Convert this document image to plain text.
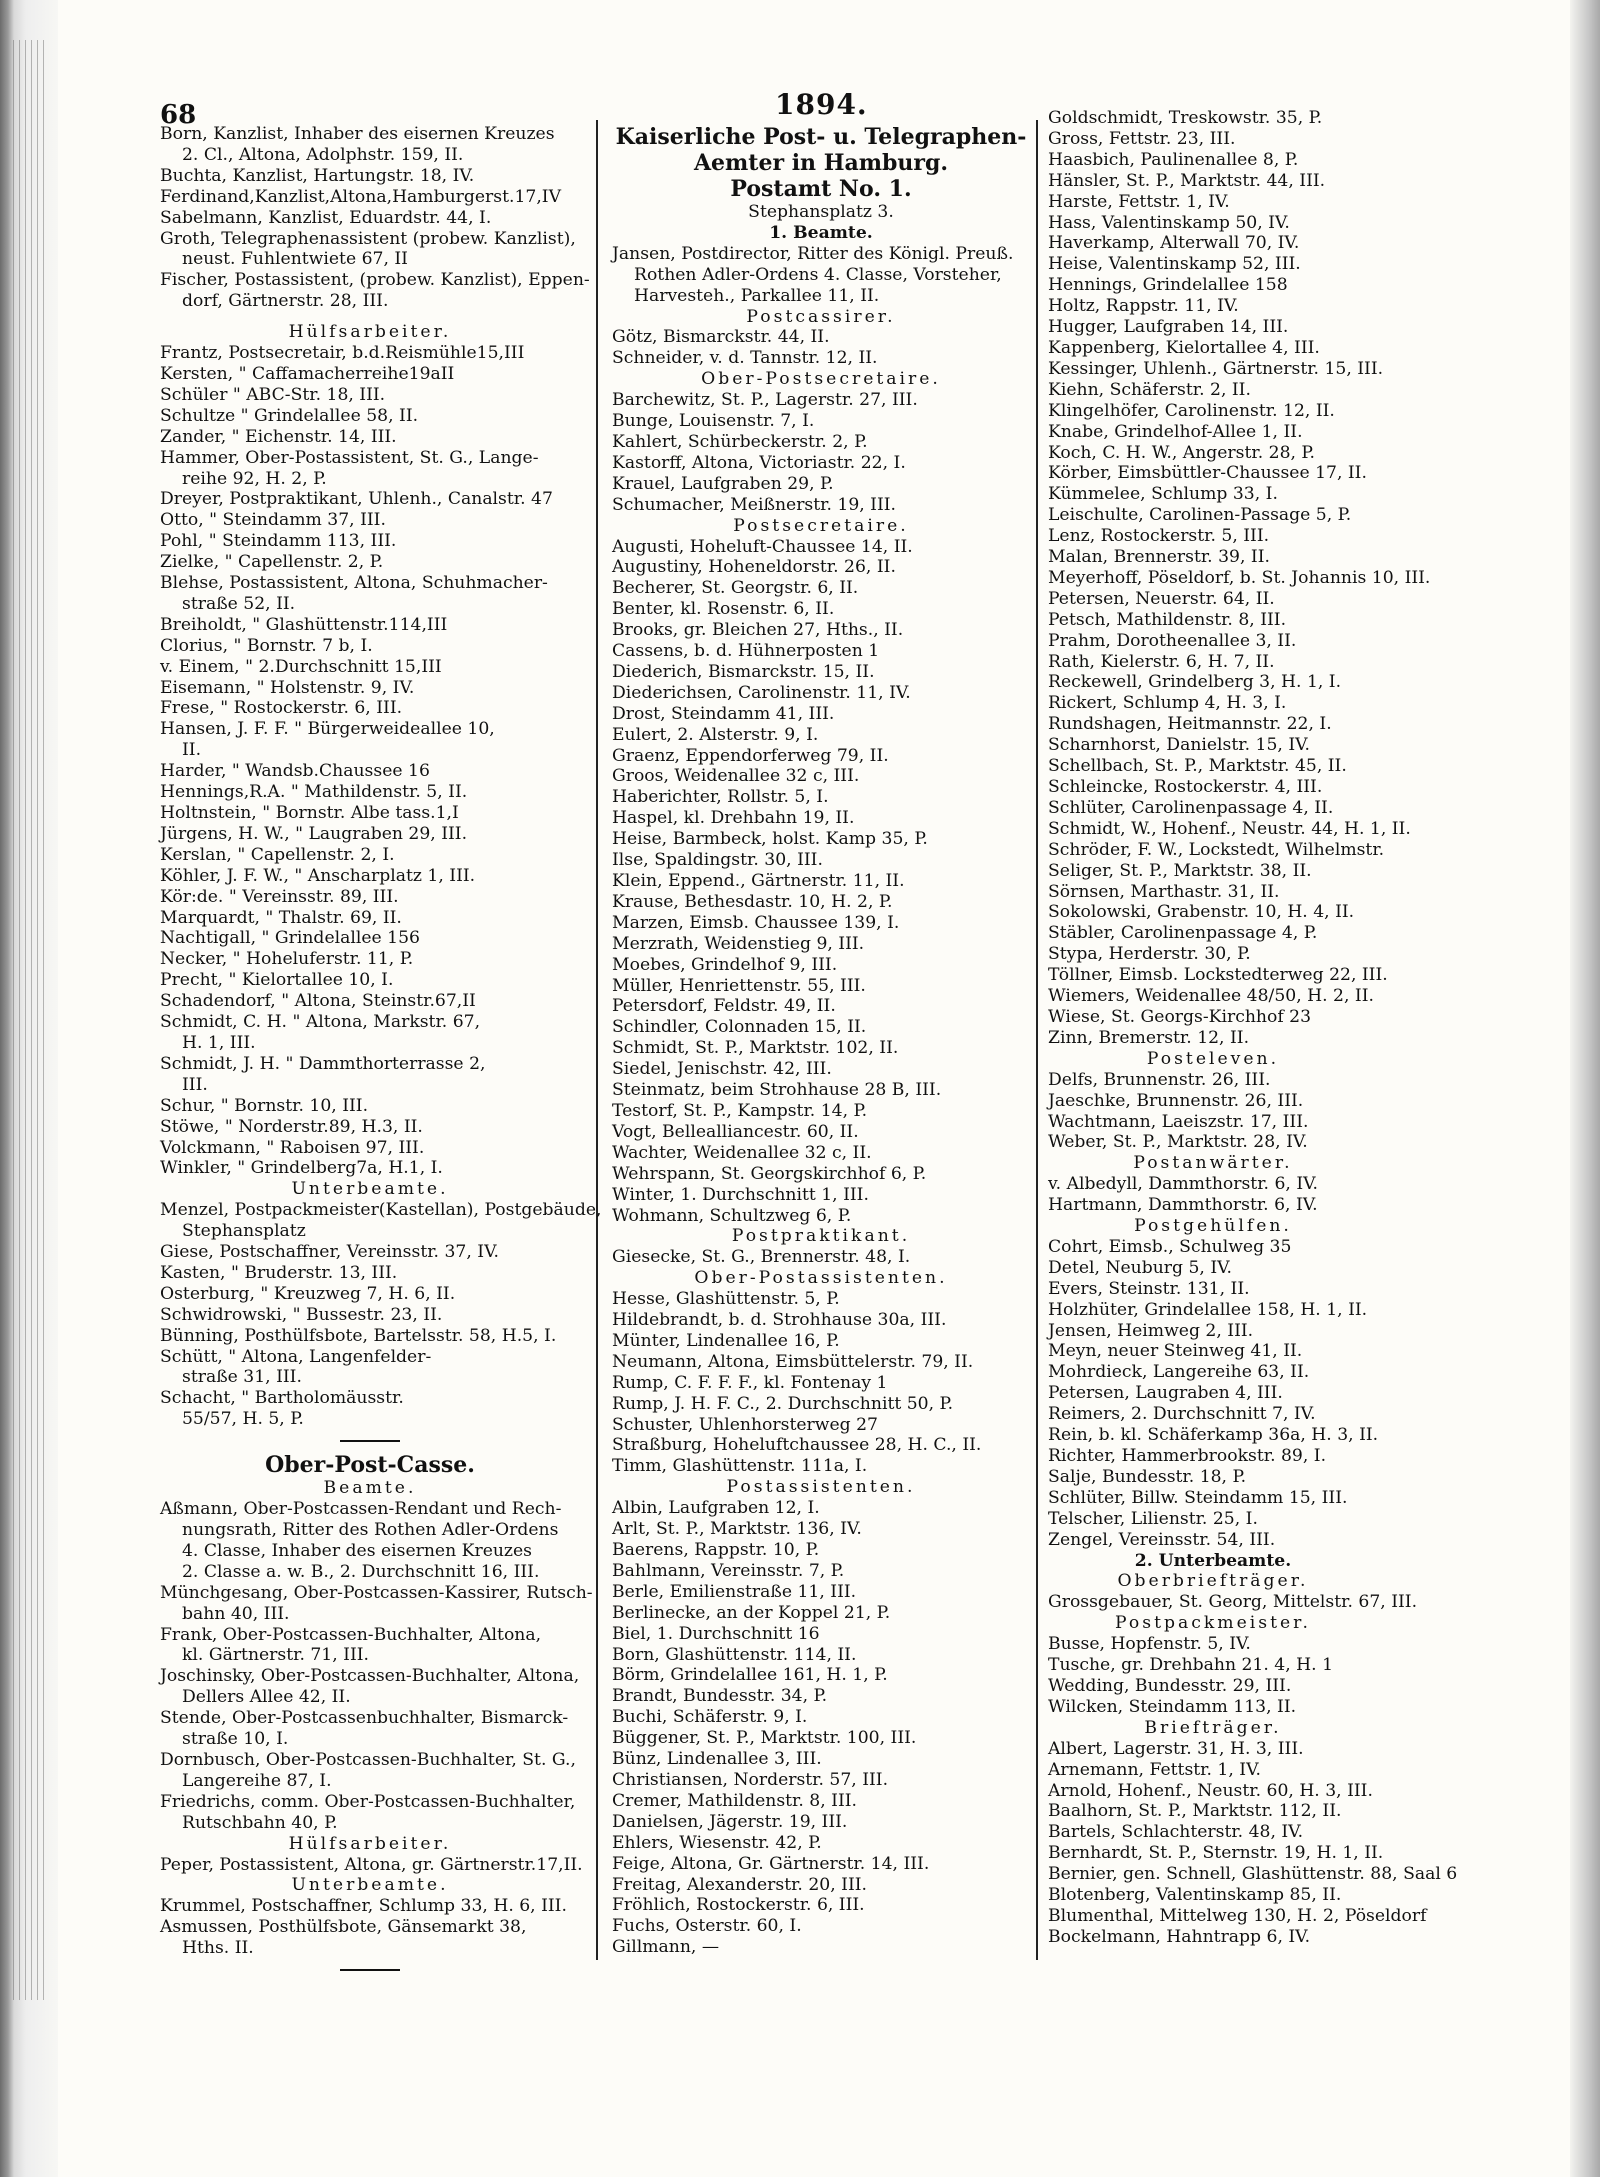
68	1894.
Born, Kanzlist, Inhaber des eisernen Kreuzes
2. Cl., Altona, Adolphstr. 159, II.
Buchta, Kanzlist, Hartungstr. 18, IV.
Ferdinand,Kanzlist,Altona,Hamburgerst.17,IV
Sabelmann, Kanzlist, Eduardstr. 44, I.
Groth, Telegraphenassistent (probew. Kanzlist),
neust. Fuhlentwiete 67, II
Fischer, Postassistent, (probew. Kanzlist), Eppen-
dorf, Gärtnerstr. 28, III.
Hülfsarbeiter.
Frantz, Postsecretair, b.d.Reismühle15,III
Kersten, " Caffamacherreihe19aII
Schüler " ABC-Str. 18, III.
Schultze " Grindelallee 58, II.
Zander, " Eichenstr. 14, III.
Hammer, Ober-Postassistent, St. G., Lange-
reihe 92, H. 2, P.
Dreyer, Postpraktikant, Uhlenh., Canalstr. 47
Otto, " Steindamm 37, III.
Pohl, " Steindamm 113, III.
Zielke, " Capellenstr. 2, P.
Blehse, Postassistent, Altona, Schuhmacher-
straße 52, II.
Breiholdt, " Glashüttenstr.114,III
Clorius, " Bornstr. 7 b, I.
v. Einem, " 2.Durchschnitt 15,III
Eisemann, " Holstenstr. 9, IV.
Frese, " Rostockerstr. 6, III.
Hansen, J. F. F. " Bürgerweideallee 10,
II.
Harder, " Wandsb.Chaussee 16
Hennings,R.A. " Mathildenstr. 5, II.
Holtnstein, " Bornstr. Albe tass.1,I
Jürgens, H. W., " Laugraben 29, III.
Kerslan, " Capellenstr. 2, I.
Köhler, J. F. W., " Anscharplatz 1, III.
Kör:de. " Vereinsstr. 89, III.
Marquardt, " Thalstr. 69, II.
Nachtigall, " Grindelallee 156
Necker, " Hoheluferstr. 11, P.
Precht, " Kielortallee 10, I.
Schadendorf, " Altona, Steinstr.67,II
Schmidt, C. H. " Altona, Markstr. 67,
H. 1, III.
Schmidt, J. H. " Dammthorterrasse 2,
III.
Schur, " Bornstr. 10, III.
Stöwe, " Norderstr.89, H.3, II.
Volckmann, " Raboisen 97, III.
Winkler, " Grindelberg7a, H.1, I.
Unterbeamte.
Menzel, Postpackmeister(Kastellan), Postgebäude,
Stephansplatz
Giese, Postschaffner, Vereinsstr. 37, IV.
Kasten, " Bruderstr. 13, III.
Osterburg, " Kreuzweg 7, H. 6, II.
Schwidrowski, " Bussestr. 23, II.
Bünning, Posthülfsbote, Bartelsstr. 58, H.5, I.
Schütt, " Altona, Langenfelder-
straße 31, III.
Schacht, " Bartholomäusstr.
55/57, H. 5, P.
Ober-Post-Casse.
Beamte.
Aßmann, Ober-Postcassen-Rendant und Rech-
nungsrath, Ritter des Rothen Adler-Ordens
4. Classe, Inhaber des eisernen Kreuzes
2. Classe a. w. B., 2. Durchschnitt 16, III.
Münchgesang, Ober-Postcassen-Kassirer, Rutsch-
bahn 40, III.
Frank, Ober-Postcassen-Buchhalter, Altona,
kl. Gärtnerstr. 71, III.
Joschinsky, Ober-Postcassen-Buchhalter, Altona,
Dellers Allee 42, II.
Stende, Ober-Postcassenbuchhalter, Bismarck-
straße 10, I.
Dornbusch, Ober-Postcassen-Buchhalter, St. G.,
Langereihe 87, I.
Friedrichs, comm. Ober-Postcassen-Buchhalter,
Rutschbahn 40, P.
Hülfsarbeiter.
Peper, Postassistent, Altona, gr. Gärtnerstr.17,II.
Unterbeamte.
Krummel, Postschaffner, Schlump 33, H. 6, III.
Asmussen, Posthülfsbote, Gänsemarkt 38,
Hths. II.
Kaiserliche Post- u. Telegraphen-
Aemter in Hamburg.
Postamt No. 1.
Stephansplatz 3.
1. Beamte.
Jansen, Postdirector, Ritter des Königl. Preuß.
Rothen Adler-Ordens 4. Classe, Vorsteher,
Harvesteh., Parkallee 11, II.
Postcassirer.
Götz, Bismarckstr. 44, II.
Schneider, v. d. Tannstr. 12, II.
Ober-Postsecretaire.
Barchewitz, St. P., Lagerstr. 27, III.
Bunge, Louisenstr. 7, I.
Kahlert, Schürbeckerstr. 2, P.
Kastorff, Altona, Victoriastr. 22, I.
Krauel, Laufgraben 29, P.
Schumacher, Meißnerstr. 19, III.
Postsecretaire.
Augusti, Hoheluft-Chaussee 14, II.
Augustiny, Hoheneldorstr. 26, II.
Becherer, St. Georgstr. 6, II.
Benter, kl. Rosenstr. 6, II.
Brooks, gr. Bleichen 27, Hths., II.
Cassens, b. d. Hühnerposten 1
Diederich, Bismarckstr. 15, II.
Diederichsen, Carolinenstr. 11, IV.
Drost, Steindamm 41, III.
Eulert, 2. Alsterstr. 9, I.
Graenz, Eppendorferweg 79, II.
Groos, Weidenallee 32 c, III.
Haberichter, Rollstr. 5, I.
Haspel, kl. Drehbahn 19, II.
Heise, Barmbeck, holst. Kamp 35, P.
Ilse, Spaldingstr. 30, III.
Klein, Eppend., Gärtnerstr. 11, II.
Krause, Bethesdastr. 10, H. 2, P.
Marzen, Eimsb. Chaussee 139, I.
Merzrath, Weidenstieg 9, III.
Moebes, Grindelhof 9, III.
Müller, Henriettenstr. 55, III.
Petersdorf, Feldstr. 49, II.
Schindler, Colonnaden 15, II.
Schmidt, St. P., Marktstr. 102, II.
Siedel, Jenischstr. 42, III.
Steinmatz, beim Strohhause 28 B, III.
Testorf, St. P., Kampstr. 14, P.
Vogt, Bellealliancestr. 60, II.
Wachter, Weidenallee 32 c, II.
Wehrspann, St. Georgskirchhof 6, P.
Winter, 1. Durchschnitt 1, III.
Wohmann, Schultzweg 6, P.
Postpraktikant.
Giesecke, St. G., Brennerstr. 48, I.
Ober-Postassistenten.
Hesse, Glashüttenstr. 5, P.
Hildebrandt, b. d. Strohhause 30a, III.
Münter, Lindenallee 16, P.
Neumann, Altona, Eimsbüttelerstr. 79, II.
Rump, C. F. F. F., kl. Fontenay 1
Rump, J. H. F. C., 2. Durchschnitt 50, P.
Schuster, Uhlenhorsterweg 27
Straßburg, Hoheluftchaussee 28, H. C., II.
Timm, Glashüttenstr. 111a, I.
Postassistenten.
Albin, Laufgraben 12, I.
Arlt, St. P., Marktstr. 136, IV.
Baerens, Rappstr. 10, P.
Bahlmann, Vereinsstr. 7, P.
Berle, Emilienstraße 11, III.
Berlinecke, an der Koppel 21, P.
Biel, 1. Durchschnitt 16
Born, Glashüttenstr. 114, II.
Börm, Grindelallee 161, H. 1, P.
Brandt, Bundesstr. 34, P.
Buchi, Schäferstr. 9, I.
Büggener, St. P., Marktstr. 100, III.
Bünz, Lindenallee 3, III.
Christiansen, Norderstr. 57, III.
Cremer, Mathildenstr. 8, III.
Danielsen, Jägerstr. 19, III.
Ehlers, Wiesenstr. 42, P.
Feige, Altona, Gr. Gärtnerstr. 14, III.
Freitag, Alexanderstr. 20, III.
Fröhlich, Rostockerstr. 6, III.
Fuchs, Osterstr. 60, I.
Gillmann, —
Goldschmidt, Treskowstr. 35, P.
Gross, Fettstr. 23, III.
Haasbich, Paulinenallee 8, P.
Hänsler, St. P., Marktstr. 44, III.
Harste, Fettstr. 1, IV.
Hass, Valentinskamp 50, IV.
Haverkamp, Alterwall 70, IV.
Heise, Valentinskamp 52, III.
Hennings, Grindelallee 158
Holtz, Rappstr. 11, IV.
Hugger, Laufgraben 14, III.
Kappenberg, Kielortallee 4, III.
Kessinger, Uhlenh., Gärtnerstr. 15, III.
Kiehn, Schäferstr. 2, II.
Klingelhöfer, Carolinenstr. 12, II.
Knabe, Grindelhof-Allee 1, II.
Koch, C. H. W., Angerstr. 28, P.
Körber, Eimsbüttler-Chaussee 17, II.
Kümmelee, Schlump 33, I.
Leischulte, Carolinen-Passage 5, P.
Lenz, Rostockerstr. 5, III.
Malan, Brennerstr. 39, II.
Meyerhoff, Pöseldorf, b. St. Johannis 10, III.
Petersen, Neuerstr. 64, II.
Petsch, Mathildenstr. 8, III.
Prahm, Dorotheenallee 3, II.
Rath, Kielerstr. 6, H. 7, II.
Reckewell, Grindelberg 3, H. 1, I.
Rickert, Schlump 4, H. 3, I.
Rundshagen, Heitmannstr. 22, I.
Scharnhorst, Danielstr. 15, IV.
Schellbach, St. P., Marktstr. 45, II.
Schleincke, Rostockerstr. 4, III.
Schlüter, Carolinenpassage 4, II.
Schmidt, W., Hohenf., Neustr. 44, H. 1, II.
Schröder, F. W., Lockstedt, Wilhelmstr.
Seliger, St. P., Marktstr. 38, II.
Sörnsen, Marthastr. 31, II.
Sokolowski, Grabenstr. 10, H. 4, II.
Stäbler, Carolinenpassage 4, P.
Stypa, Herderstr. 30, P.
Töllner, Eimsb. Lockstedterweg 22, III.
Wiemers, Weidenallee 48/50, H. 2, II.
Wiese, St. Georgs-Kirchhof 23
Zinn, Bremerstr. 12, II.
Posteleven.
Delfs, Brunnenstr. 26, III.
Jaeschke, Brunnenstr. 26, III.
Wachtmann, Laeiszstr. 17, III.
Weber, St. P., Marktstr. 28, IV.
Postanwärter.
v. Albedyll, Dammthorstr. 6, IV.
Hartmann, Dammthorstr. 6, IV.
Postgehülfen.
Cohrt, Eimsb., Schulweg 35
Detel, Neuburg 5, IV.
Evers, Steinstr. 131, II.
Holzhüter, Grindelallee 158, H. 1, II.
Jensen, Heimweg 2, III.
Meyn, neuer Steinweg 41, II.
Mohrdieck, Langereihe 63, II.
Petersen, Laugraben 4, III.
Reimers, 2. Durchschnitt 7, IV.
Rein, b. kl. Schäferkamp 36a, H. 3, II.
Richter, Hammerbrookstr. 89, I.
Salje, Bundesstr. 18, P.
Schlüter, Billw. Steindamm 15, III.
Telscher, Lilienstr. 25, I.
Zengel, Vereinsstr. 54, III.
2. Unterbeamte.
Oberbriefträger.
Grossgebauer, St. Georg, Mittelstr. 67, III.
Postpackmeister.
Busse, Hopfenstr. 5, IV.
Tusche, gr. Drehbahn 21. 4, H. 1
Wedding, Bundesstr. 29, III.
Wilcken, Steindamm 113, II.
Briefträger.
Albert, Lagerstr. 31, H. 3, III.
Arnemann, Fettstr. 1, IV.
Arnold, Hohenf., Neustr. 60, H. 3, III.
Baalhorn, St. P., Marktstr. 112, II.
Bartels, Schlachterstr. 48, IV.
Bernhardt, St. P., Sternstr. 19, H. 1, II.
Bernier, gen. Schnell, Glashüttenstr. 88, Saal 6
Blotenberg, Valentinskamp 85, II.
Blumenthal, Mittelweg 130, H. 2, Pöseldorf
Bockelmann, Hahntrapp 6, IV.
